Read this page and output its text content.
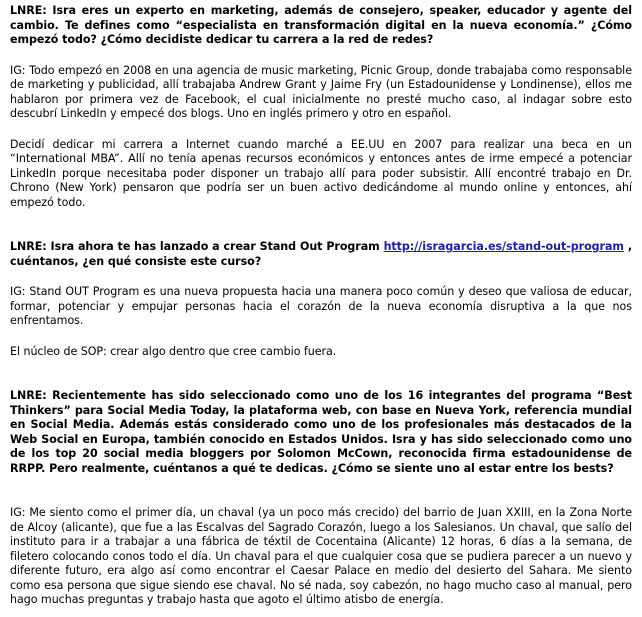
LNRE: Isra eres un experto en marketing, además de consejero, speaker, educador y agente del cambio. Te defines como “especialista en transformación digital en la nueva economía.” ¿Cómo empezó todo? ¿Cómo decidiste dedicar tu carrera a la red de redes?

IG: Todo empezó en 2008 en una agencia de music marketing, Picnic Group, donde trabajaba como responsable de marketing y publicidad, allí trabajaba Andrew Grant y Jaime Fry (un Estadounidense y Londinense), ellos me hablaron por primera vez de Facebook, el cual inicialmente no presté mucho caso, al indagar sobre esto descubrí LinkedIn y empecé dos blogs. Uno en inglés primero y otro en español.

Decidí dedicar mi carrera a Internet cuando marché a EE.UU en 2007 para realizar una beca en un “International MBA”. Allí no tenía apenas recursos económicos y entonces antes de irme empecé a potenciar LinkedIn porque necesitaba poder disponer un trabajo allí para poder subsistir. Allí encontré trabajo en Dr. Chrono (New York) pensaron que podría ser un buen activo dedicándome al mundo online y entonces, ahí empezó todo.

LNRE: Isra ahora te has lanzado a crear Stand Out Program http://isragarcia.es/stand-out-program , cuéntanos, ¿en qué consiste este curso?

IG: Stand OUT Program es una nueva propuesta hacia una manera poco común y deseo que valiosa de educar, formar, potenciar y empujar personas hacia el corazón de la nueva economía disruptiva a la que nos enfrentamos.

El núcleo de SOP: crear algo dentro que cree cambio fuera.

LNRE: Recientemente has sido seleccionado como uno de los 16 integrantes del programa “Best Thinkers” para Social Media Today, la plataforma web, con base en Nueva York, referencia mundial en Social Media. Además estás considerado como uno de los profesionales más destacados de la Web Social en Europa, también conocido en Estados Unidos. Isra y has sido seleccionado como uno de los top 20 social media bloggers por Solomon McCown, reconocida firma estadounidense de RRPP. Pero realmente, cuéntanos a qué te dedicas. ¿Cómo se siente uno al estar entre los bests?

IG: Me siento como el primer día, un chaval (ya un poco más crecido) del barrio de Juan XXIII, en la Zona Norte de Alcoy (alicante), que fue a las Escalvas del Sagrado Corazón, luego a los Salesianos. Un chaval, que salío del instituto para ir a trabajar a una fábrica de téxtil de Cocentaina (Alicante) 12 horas, 6 días a la semana, de filetero colocando conos todo el día. Un chaval para el que cualquier cosa que se pudiera parecer a un nuevo y diferente futuro, era algo así como encontrar el Caesar Palace en medio del desierto del Sahara. Me siento como esa persona que sigue siendo ese chaval. No sé nada, soy cabezón, no hago mucho caso al manual, pero hago muchas preguntas y trabajo hasta que agoto el último atisbo de energía.
